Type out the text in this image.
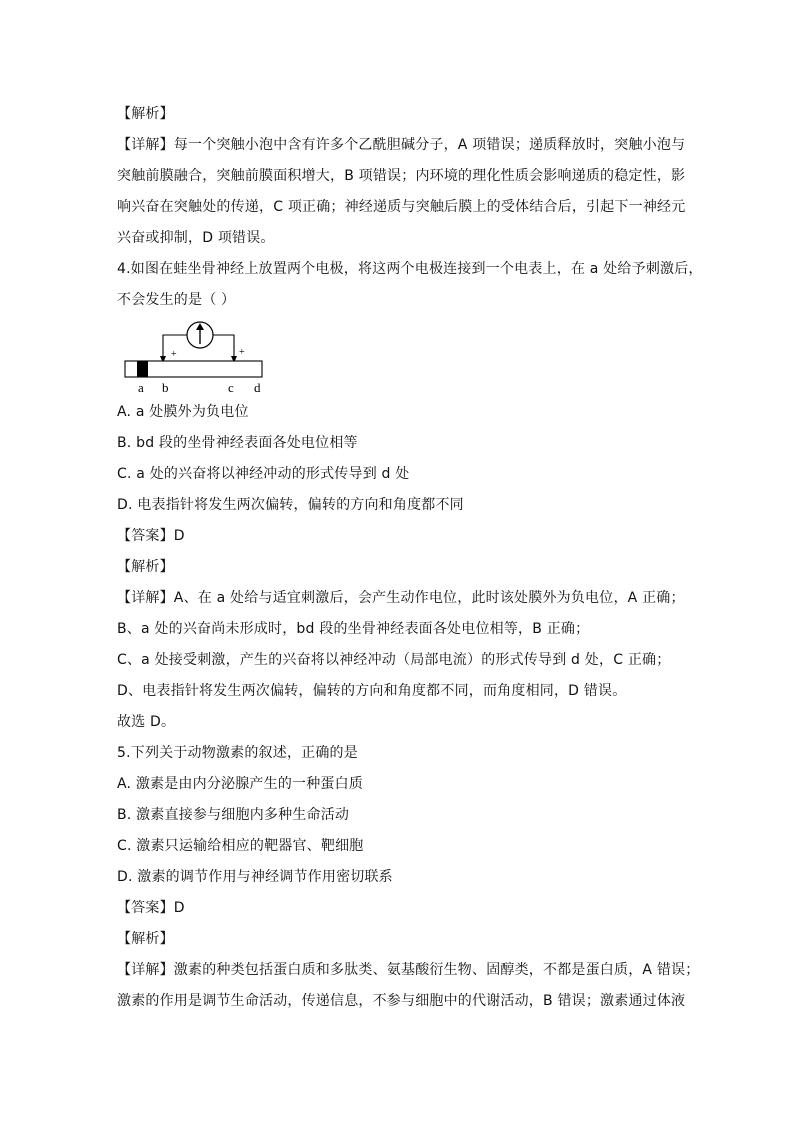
【解析】
【详解】每一个突触小泡中含有许多个乙酰胆碱分子，A 项错误；递质释放时，突触小泡与
突触前膜融合，突触前膜面积增大，B 项错误；内环境的理化性质会影响递质的稳定性，影
响兴奋在突触处的传递，C 项正确；神经递质与突触后膜上的受体结合后，引起下一神经元
兴奋或抑制，D 项错误。
4.如图在蛙坐骨神经上放置两个电极，将这两个电极连接到一个电表上，在 a 处给予刺激后，
不会发生的是（ ）
+	+
a b	c d
A. a 处膜外为负电位
B. bd 段的坐骨神经表面各处电位相等
C. a 处的兴奋将以神经冲动的形式传导到 d 处
D. 电表指针将发生两次偏转，偏转的方向和角度都不同
【答案】D
【解析】
【详解】A、在 a 处给与适宜刺激后，会产生动作电位，此时该处膜外为负电位，A 正确；
B、a 处的兴奋尚未形成时，bd 段的坐骨神经表面各处电位相等，B 正确；
C、a 处接受刺激，产生的兴奋将以神经冲动（局部电流）的形式传导到 d 处，C 正确；
D、电表指针将发生两次偏转，偏转的方向和角度都不同，而角度相同，D 错误。
故选 D。
5.下列关于动物激素的叙述，正确的是
A. 激素是由内分泌腺产生的一种蛋白质
B. 激素直接参与细胞内多种生命活动
C. 激素只运输给相应的靶器官、靶细胞
D. 激素的调节作用与神经调节作用密切联系
【答案】D
【解析】
【详解】激素的种类包括蛋白质和多肽类、氨基酸衍生物、固醇类，不都是蛋白质，A 错误；
激素的作用是调节生命活动，传递信息，不参与细胞中的代谢活动，B 错误；激素通过体液
